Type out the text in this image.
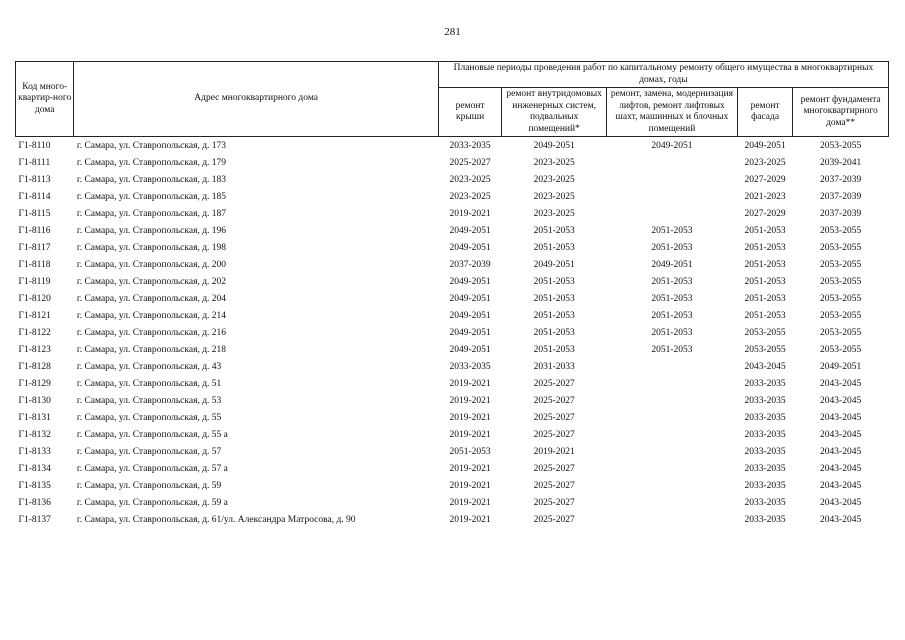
281
Код много-квартир-ного дома	Адрес многоквартирного дома	Плановые периоды проведения работ по капитальному ремонту общего имущества в многоквартирных домах, годы				
		ремонт крыши	ремонт внутридомовых инженерных систем, подвальных помещений*	ремонт, замена, модернизация лифтов, ремонт лифтовых шахт, машинных и блочных помещений	ремонт фасада	ремонт фундамента многоквартирного дома**
Г1-8110	г. Самара, ул. Ставропольская, д. 173	2033-2035	2049-2051	2049-2051	2049-2051	2053-2055
Г1-8111	г. Самара, ул. Ставропольская, д. 179	2025-2027	2023-2025		2023-2025	2039-2041
Г1-8113	г. Самара, ул. Ставропольская, д. 183	2023-2025	2023-2025		2027-2029	2037-2039
Г1-8114	г. Самара, ул. Ставропольская, д. 185	2023-2025	2023-2025		2021-2023	2037-2039
Г1-8115	г. Самара, ул. Ставропольская, д. 187	2019-2021	2023-2025		2027-2029	2037-2039
Г1-8116	г. Самара, ул. Ставропольская, д. 196	2049-2051	2051-2053	2051-2053	2051-2053	2053-2055
Г1-8117	г. Самара, ул. Ставропольская, д. 198	2049-2051	2051-2053	2051-2053	2051-2053	2053-2055
Г1-8118	г. Самара, ул. Ставропольская, д. 200	2037-2039	2049-2051	2049-2051	2051-2053	2053-2055
Г1-8119	г. Самара, ул. Ставропольская, д. 202	2049-2051	2051-2053	2051-2053	2051-2053	2053-2055
Г1-8120	г. Самара, ул. Ставропольская, д. 204	2049-2051	2051-2053	2051-2053	2051-2053	2053-2055
Г1-8121	г. Самара, ул. Ставропольская, д. 214	2049-2051	2051-2053	2051-2053	2051-2053	2053-2055
Г1-8122	г. Самара, ул. Ставропольская, д. 216	2049-2051	2051-2053	2051-2053	2053-2055	2053-2055
Г1-8123	г. Самара, ул. Ставропольская, д. 218	2049-2051	2051-2053	2051-2053	2053-2055	2053-2055
Г1-8128	г. Самара, ул. Ставропольская, д. 43	2033-2035	2031-2033		2043-2045	2049-2051
Г1-8129	г. Самара, ул. Ставропольская, д. 51	2019-2021	2025-2027		2033-2035	2043-2045
Г1-8130	г. Самара, ул. Ставропольская, д. 53	2019-2021	2025-2027		2033-2035	2043-2045
Г1-8131	г. Самара, ул. Ставропольская, д. 55	2019-2021	2025-2027		2033-2035	2043-2045
Г1-8132	г. Самара, ул. Ставропольская, д. 55 а	2019-2021	2025-2027		2033-2035	2043-2045
Г1-8133	г. Самара, ул. Ставропольская, д. 57	2051-2053	2019-2021		2033-2035	2043-2045
Г1-8134	г. Самара, ул. Ставропольская, д. 57 а	2019-2021	2025-2027		2033-2035	2043-2045
Г1-8135	г. Самара, ул. Ставропольская, д. 59	2019-2021	2025-2027		2033-2035	2043-2045
Г1-8136	г. Самара, ул. Ставропольская, д. 59 а	2019-2021	2025-2027		2033-2035	2043-2045
Г1-8137	г. Самара, ул. Ставропольская, д. 61/ул. Александра Матросова, д. 90	2019-2021	2025-2027		2033-2035	2043-2045
